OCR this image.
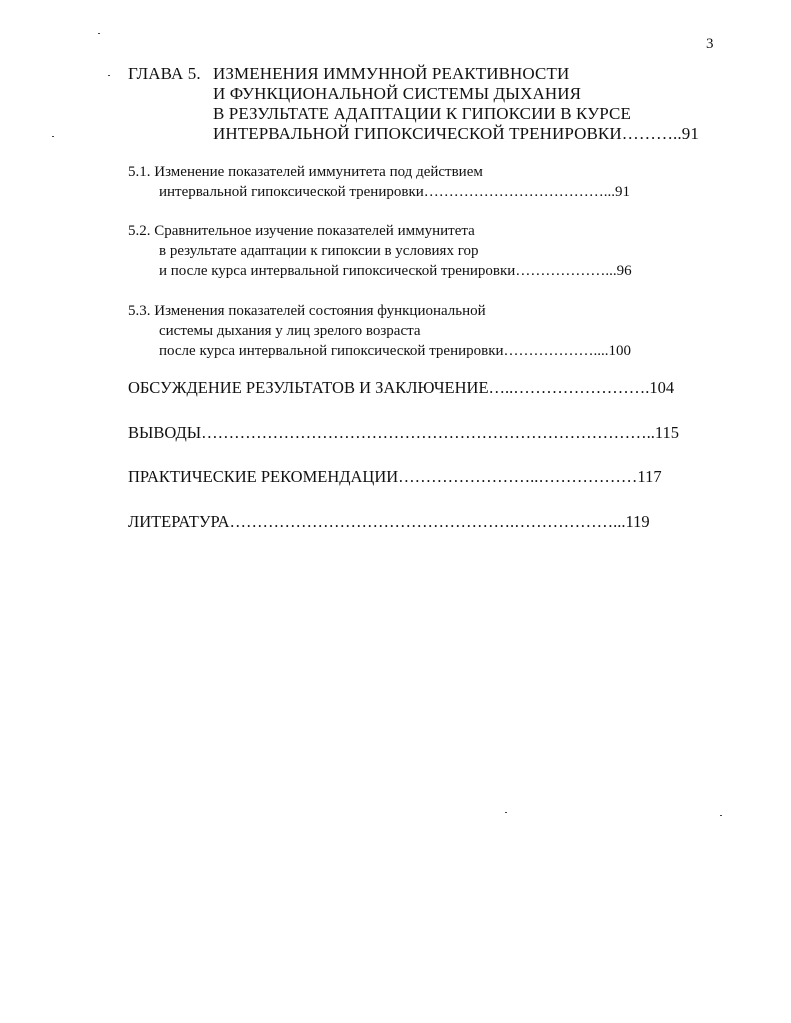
3
ГЛАВА 5. ИЗМЕНЕНИЯ ИММУННОЙ РЕАКТИВНОСТИ
И ФУНКЦИОНАЛЬНОЙ СИСТЕМЫ ДЫХАНИЯ
В РЕЗУЛЬТАТЕ АДАПТАЦИИ К ГИПОКСИИ В КУРСЕ
ИНТЕРВАЛЬНОЙ ГИПОКСИЧЕСКОЙ ТРЕНИРОВКИ………..91
5.1. Изменение показателей иммунитета под действием
интервальной гипоксической тренировки………………………………...91
5.2. Сравнительное изучение показателей иммунитета
в результате адаптации к гипоксии в условиях гор
и после курса интервальной гипоксической тренировки………………...96
5.3. Изменения показателей состояния функциональной
системы дыхания у лиц зрелого возраста
после курса интервальной гипоксической тренировки………………....100
ОБСУЖДЕНИЕ РЕЗУЛЬТАТОВ И ЗАКЛЮЧЕНИЕ…..…………………….104
ВЫВОДЫ………………………………………………………………………..115
ПРАКТИЧЕСКИЕ РЕКОМЕНДАЦИИ……………………..………………117
ЛИТЕРАТУРА…………………………………………….………………...119
